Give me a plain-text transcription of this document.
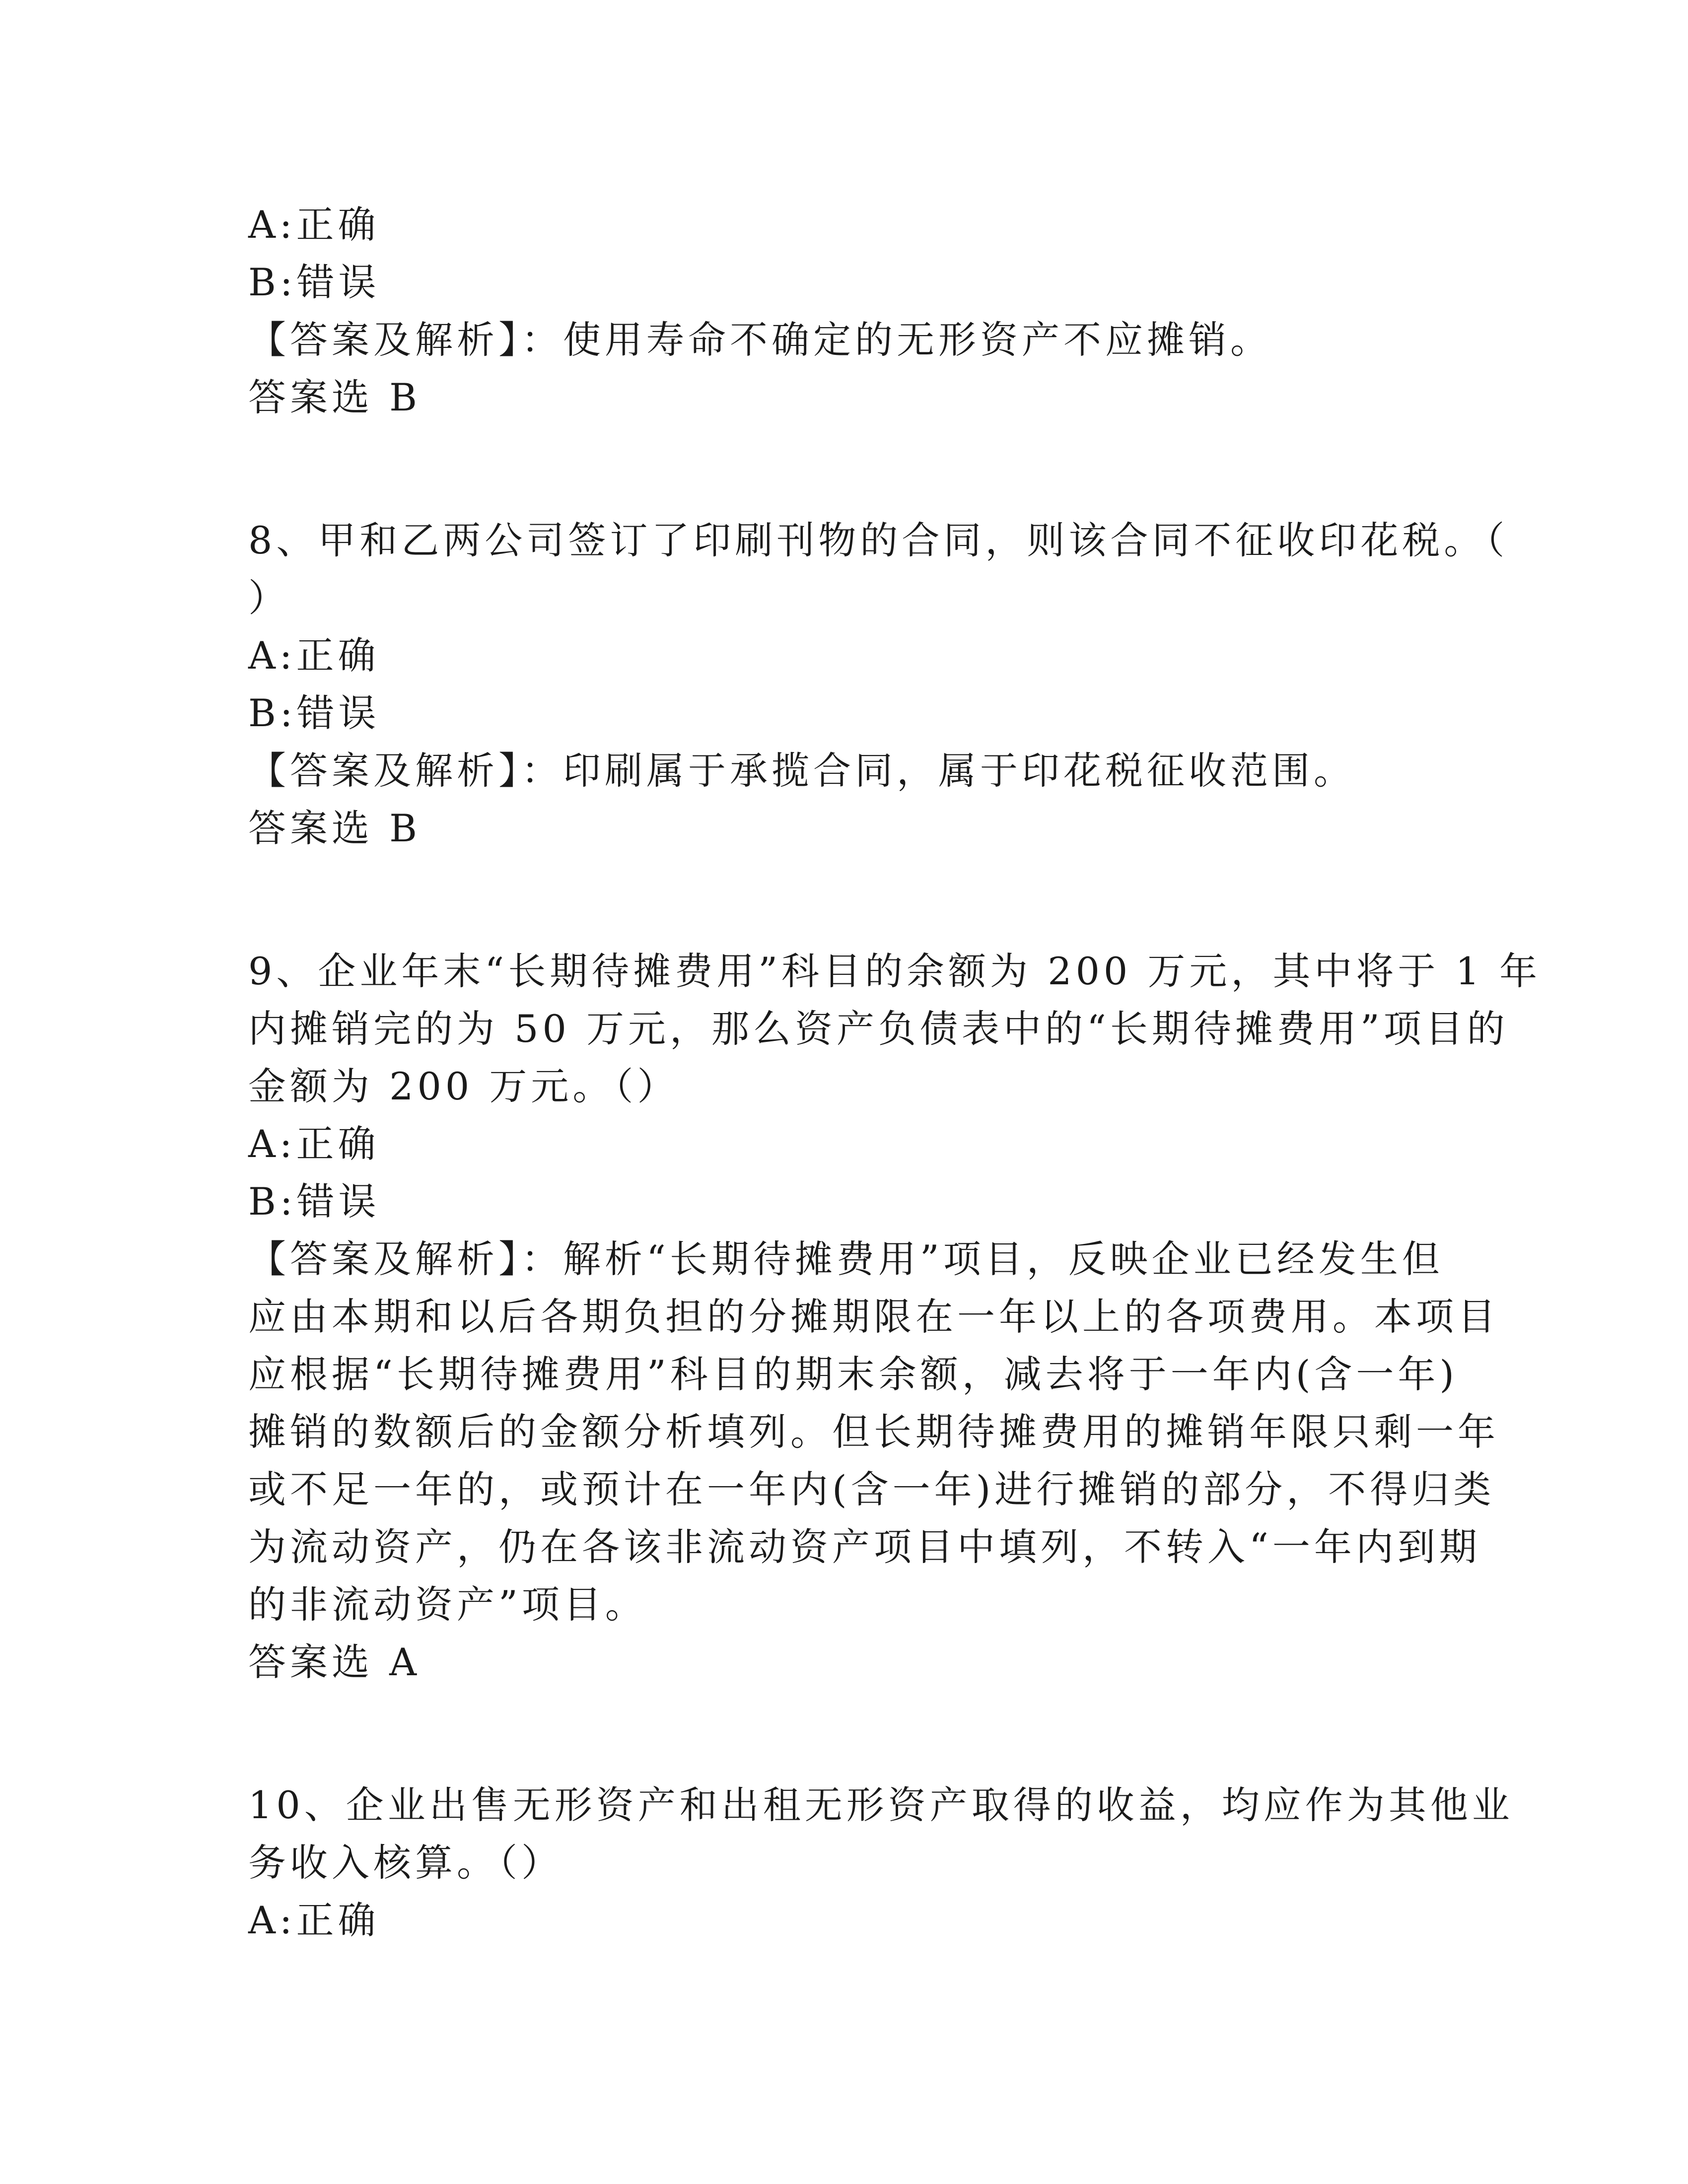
A:正确
B:错误
【答案及解析】：使用寿命不确定的无形资产不应摊销。
答案选 B
8、甲和乙两公司签订了印刷刊物的合同，则该合同不征收印花税。（
）
A:正确
B:错误
【答案及解析】：印刷属于承揽合同，属于印花税征收范围。
答案选 B
9、企业年末“长期待摊费用”科目的余额为 200 万元，其中将于 1 年
内摊销完的为 50 万元，那么资产负债表中的“长期待摊费用”项目的
金额为 200 万元。（）
A:正确
B:错误
【答案及解析】：解析“长期待摊费用”项目，反映企业已经发生但
应由本期和以后各期负担的分摊期限在一年以上的各项费用。本项目
应根据“长期待摊费用”科目的期末余额，减去将于一年内(含一年)
摊销的数额后的金额分析填列。但长期待摊费用的摊销年限只剩一年
或不足一年的，或预计在一年内(含一年)进行摊销的部分，不得归类
为流动资产，仍在各该非流动资产项目中填列，不转入“一年内到期
的非流动资产”项目。
答案选 A
10、企业出售无形资产和出租无形资产取得的收益，均应作为其他业
务收入核算。（）
A:正确
